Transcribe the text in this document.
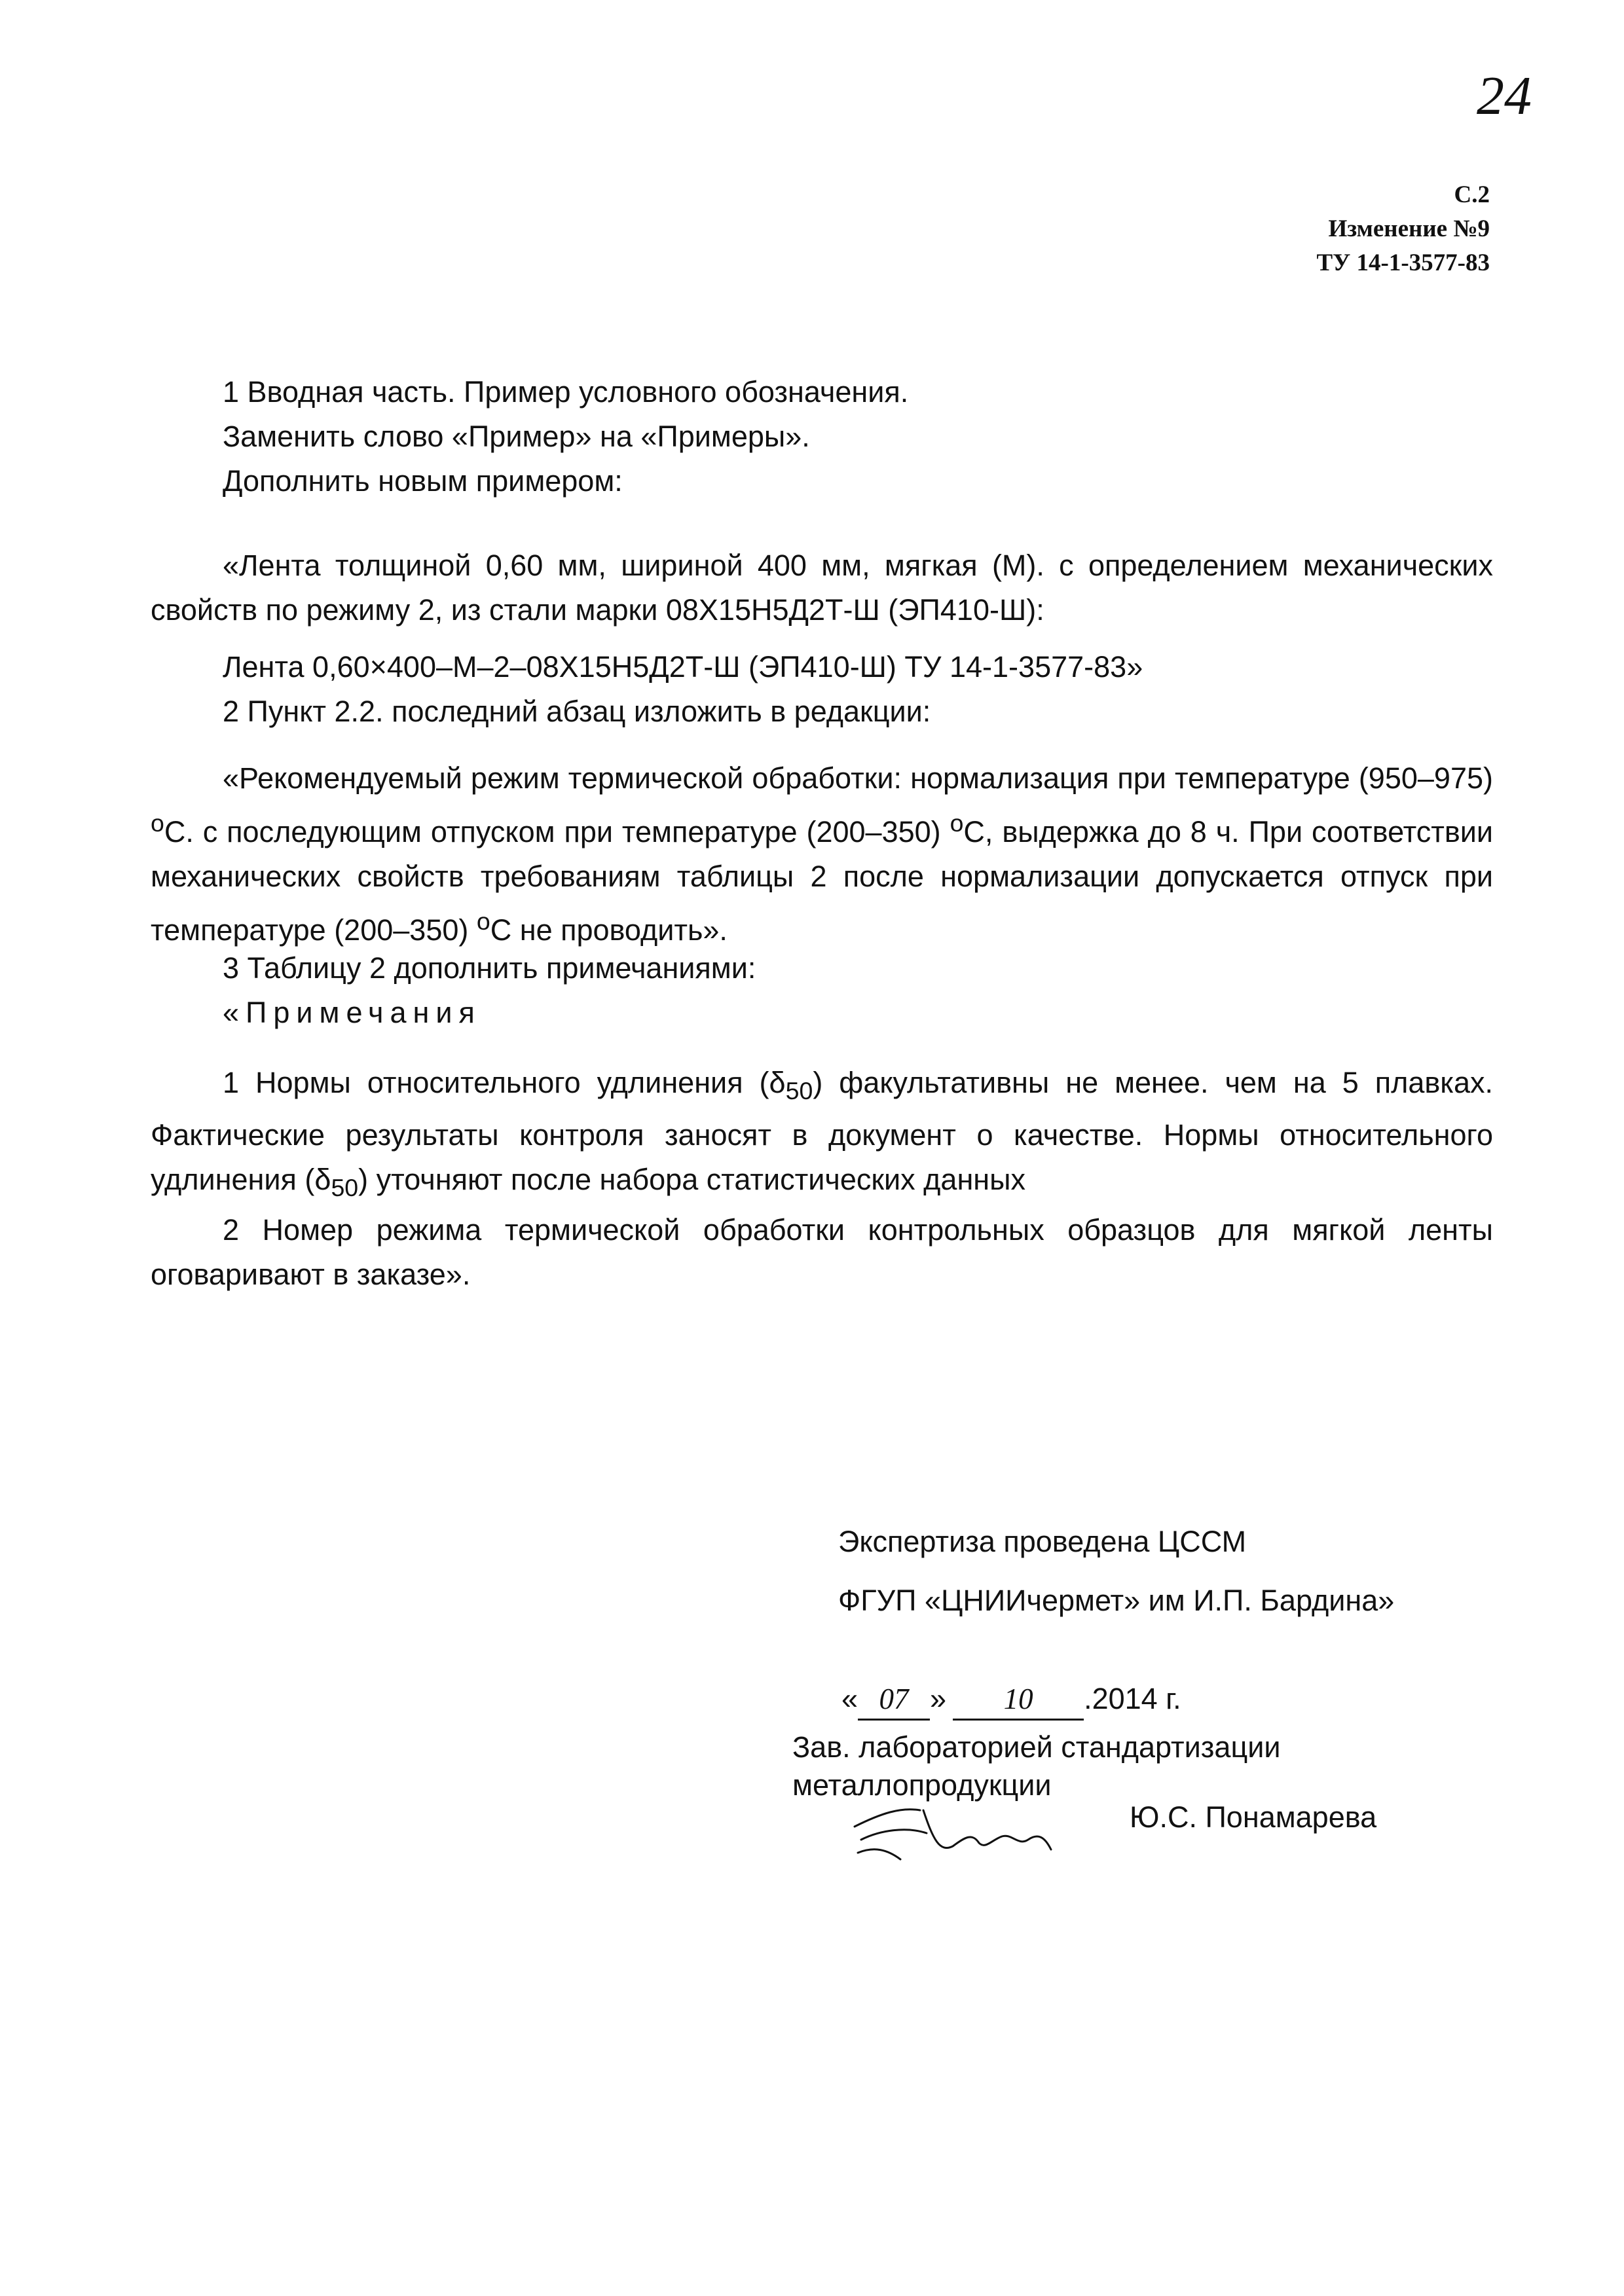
24
С.2
Изменение №9
ТУ 14-1-3577-83

1 Вводная часть. Пример условного обозначения.

Заменить слово «Пример» на «Примеры».

Дополнить новым примером:

«Лента толщиной 0,60 мм, шириной 400 мм, мягкая (М). с определением механических свойств по режиму 2, из стали марки 08Х15Н5Д2Т-Ш (ЭП410-Ш):

Лента 0,60×400–М–2–08Х15Н5Д2Т-Ш (ЭП410-Ш) ТУ 14-1-3577-83»

2 Пункт 2.2. последний абзац изложить в редакции:

«Рекомендуемый режим термической обработки: нормализация при температуре (950–975) $^o$C. с последующим отпуском при температуре (200–350) $^o$С, выдержка до 8 ч. При соответствии механических свойств требованиям таблицы 2 после нормализации допускается отпуск при температуре (200–350) $^o$С не проводить».

3 Таблицу 2 дополнить примечаниями:

«Примечания

1 Нормы относительного удлинения $(\delta_{50})$ факультативны не менее. чем на 5 плавках. Фактические результаты контроля заносят в документ о качестве. Нормы относительного удлинения $(\delta_{50})$ уточняют после набора статистических данных

2 Номер режима термической обработки контрольных образцов для мягкой ленты оговаривают в заказе».

Экспертиза проведена ЦССМ
ФГУП «ЦНИИчермет» им И.П. Бардина»
« 07 » 10 .2014 г.
Зав. лабораторией стандартизации
металлопродукции
Ю.С. Понамарева
